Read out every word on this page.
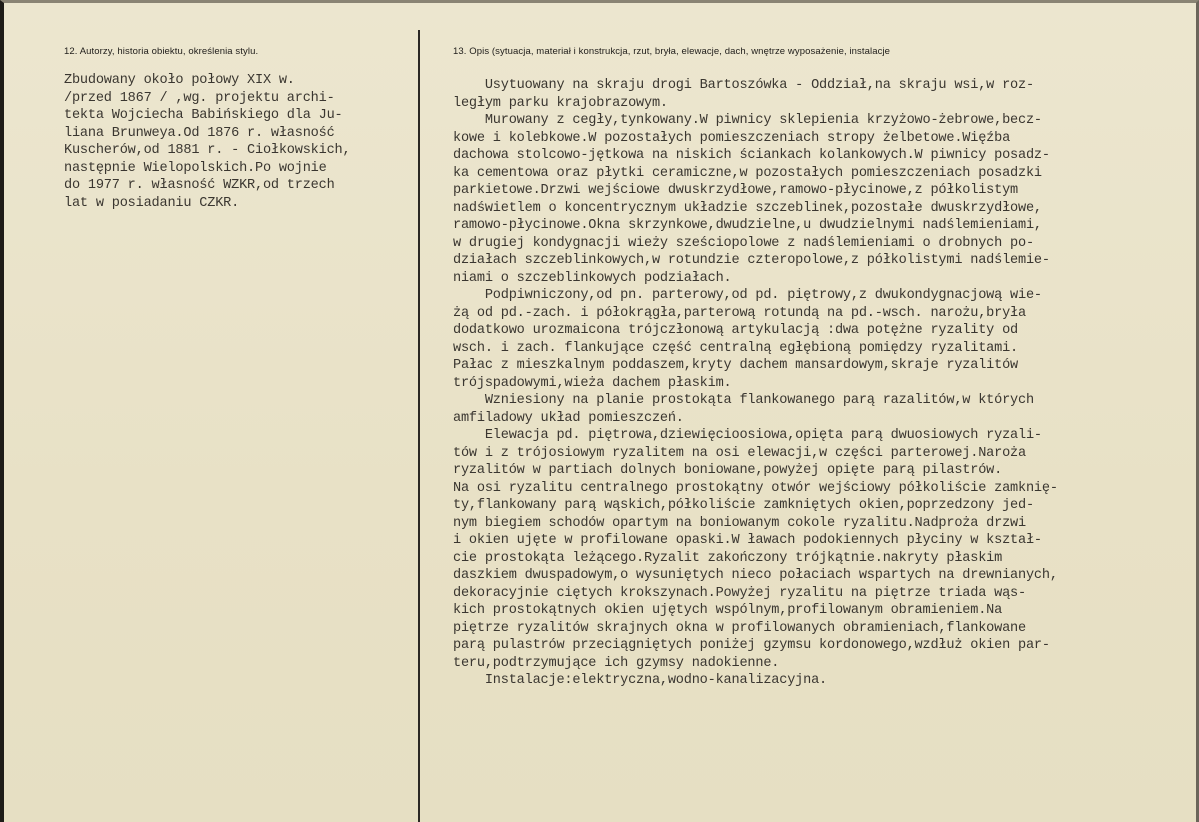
12. Autorzy, historia obiektu, określenia stylu.	13. Opis (sytuacja, materiał i konstrukcja, rzut, bryła, elewacje, dach, wnętrze wyposażenie, instalacje
Zbudowany około połowy XIX w.
/przed 1867 / ,wg. projektu archi-
tekta Wojciecha Babińskiego dla Ju-
liana Brunweya.Od 1876 r. własność
Kuscherów,od 1881 r. - Ciołkowskich,
następnie Wielopolskich.Po wojnie
do 1977 r. własność WZKR,od trzech
lat w posiadaniu CZKR.
Usytuowany na skraju drogi Bartoszówka - Oddział,na skraju wsi,w roz-
ległym parku krajobrazowym.
Murowany z cegły,tynkowany.W piwnicy sklepienia krzyżowo-żebrowe,becz-
kowe i kolebkowe.W pozostałych pomieszczeniach stropy żelbetowe.Więźba
dachowa stolcowo-jętkowa na niskich ściankach kolankowych.W piwnicy posadz-
ka cementowa oraz płytki ceramiczne,w pozostałych pomieszczeniach posadzki
parkietowe.Drzwi wejściowe dwuskrzydłowe,ramowo-płycinowe,z półkolistym
nadświetlem o koncentrycznym układzie szczeblinek,pozostałe dwuskrzydłowe,
ramowo-płycinowe.Okna skrzynkowe,dwudzielne,u dwudzielnymi nadślemieniami,
w drugiej kondygnacji wieży sześciopolowe z nadślemieniami o drobnych po-
działach szczeblinkowych,w rotundzie czteropolowe,z półkolistymi nadślemie-
niami o szczeblinkowych podziałach.
Podpiwniczony,od pn. parterowy,od pd. piętrowy,z dwukondygnacjową wie-
żą od pd.-zach. i półokrągła,parterową rotundą na pd.-wsch. narożu,bryła
dodatkowo urozmaicona trójczłonową artykulacją :dwa potężne ryzality od
wsch. i zach. flankujące część centralną egłębioną pomiędzy ryzalitami.
Pałac z mieszkalnym poddaszem,kryty dachem mansardowym,skraje ryzalitów
trójspadowymi,wieża dachem płaskim.
Wzniesiony na planie prostokąta flankowanego parą razalitów,w których
amfiladowy układ pomieszczeń.
Elewacja pd. piętrowa,dziewięcioosiowa,opięta parą dwuosiowych ryzali-
tów i z trójosiowym ryzalitem na osi elewacji,w części parterowej.Naroża
ryzalitów w partiach dolnych boniowane,powyżej opięte parą pilastrów.
Na osi ryzalitu centralnego prostokątny otwór wejściowy półkoliście zamknię-
ty,flankowany parą wąskich,półkoliście zamkniętych okien,poprzedzony jed-
nym biegiem schodów opartym na boniowanym cokole ryzalitu.Nadproża drzwi
i okien ujęte w profilowane opaski.W ławach podokiennych płyciny w kształ-
cie prostokąta leżącego.Ryzalit zakończony trójkątnie.nakryty płaskim
daszkiem dwuspadowym,o wysuniętych nieco połaciach wspartych na drewnianych,
dekoracyjnie ciętych krokszynach.Powyżej ryzalitu na piętrze triada wąs-
kich prostokątnych okien ujętych wspólnym,profilowanym obramieniem.Na
piętrze ryzalitów skrajnych okna w profilowanych obramieniach,flankowane
parą pulastrów przeciągniętych poniżej gzymsu kordonowego,wzdłuż okien par-
teru,podtrzymujące ich gzymsy nadokienne.
Instalacje:elektryczna,wodno-kanalizacyjna.
